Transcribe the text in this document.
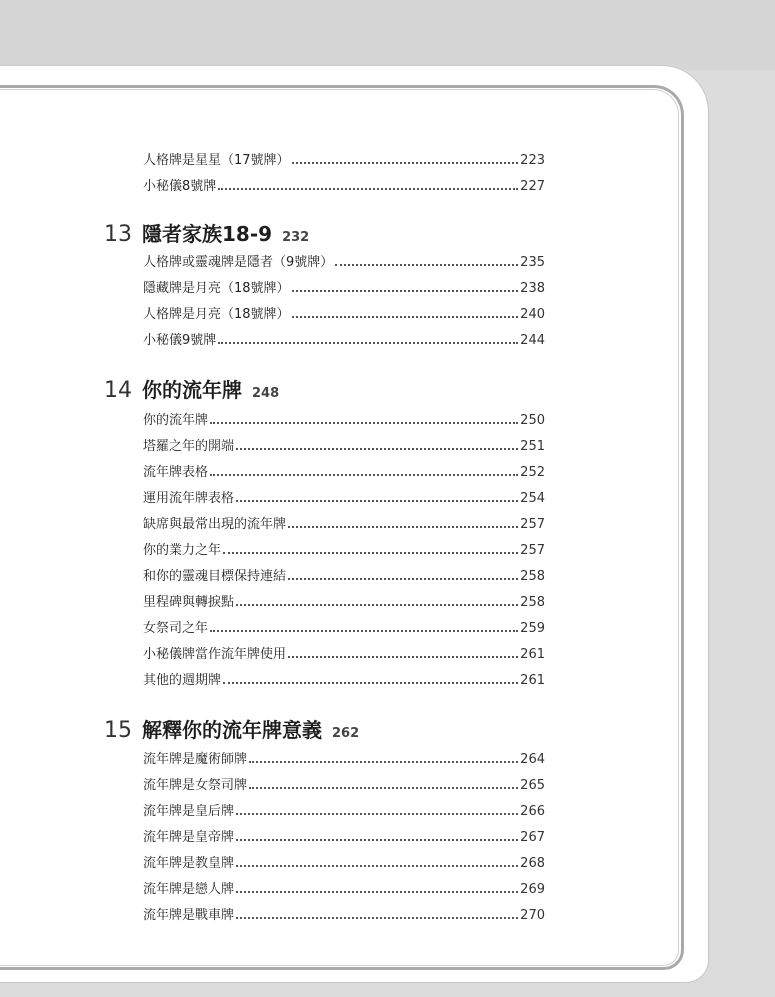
人格牌是星星（17號牌）	223
小秘儀8號牌	227
13 隱者家族18-9 232
人格牌或靈魂牌是隱者（9號牌）	235
隱藏牌是月亮（18號牌）	238
人格牌是月亮（18號牌）	240
小秘儀9號牌	244
14 你的流年牌 248
你的流年牌	250
塔羅之年的開端	251
流年牌表格	252
運用流年牌表格	254
缺席與最常出現的流年牌	257
你的業力之年	257
和你的靈魂目標保持連結	258
里程碑與轉捩點	258
女祭司之年	259
小秘儀牌當作流年牌使用	261
其他的週期牌	261
15 解釋你的流年牌意義 262
流年牌是魔術師牌	264
流年牌是女祭司牌	265
流年牌是皇后牌	266
流年牌是皇帝牌	267
流年牌是教皇牌	268
流年牌是戀人牌	269
流年牌是戰車牌	270
